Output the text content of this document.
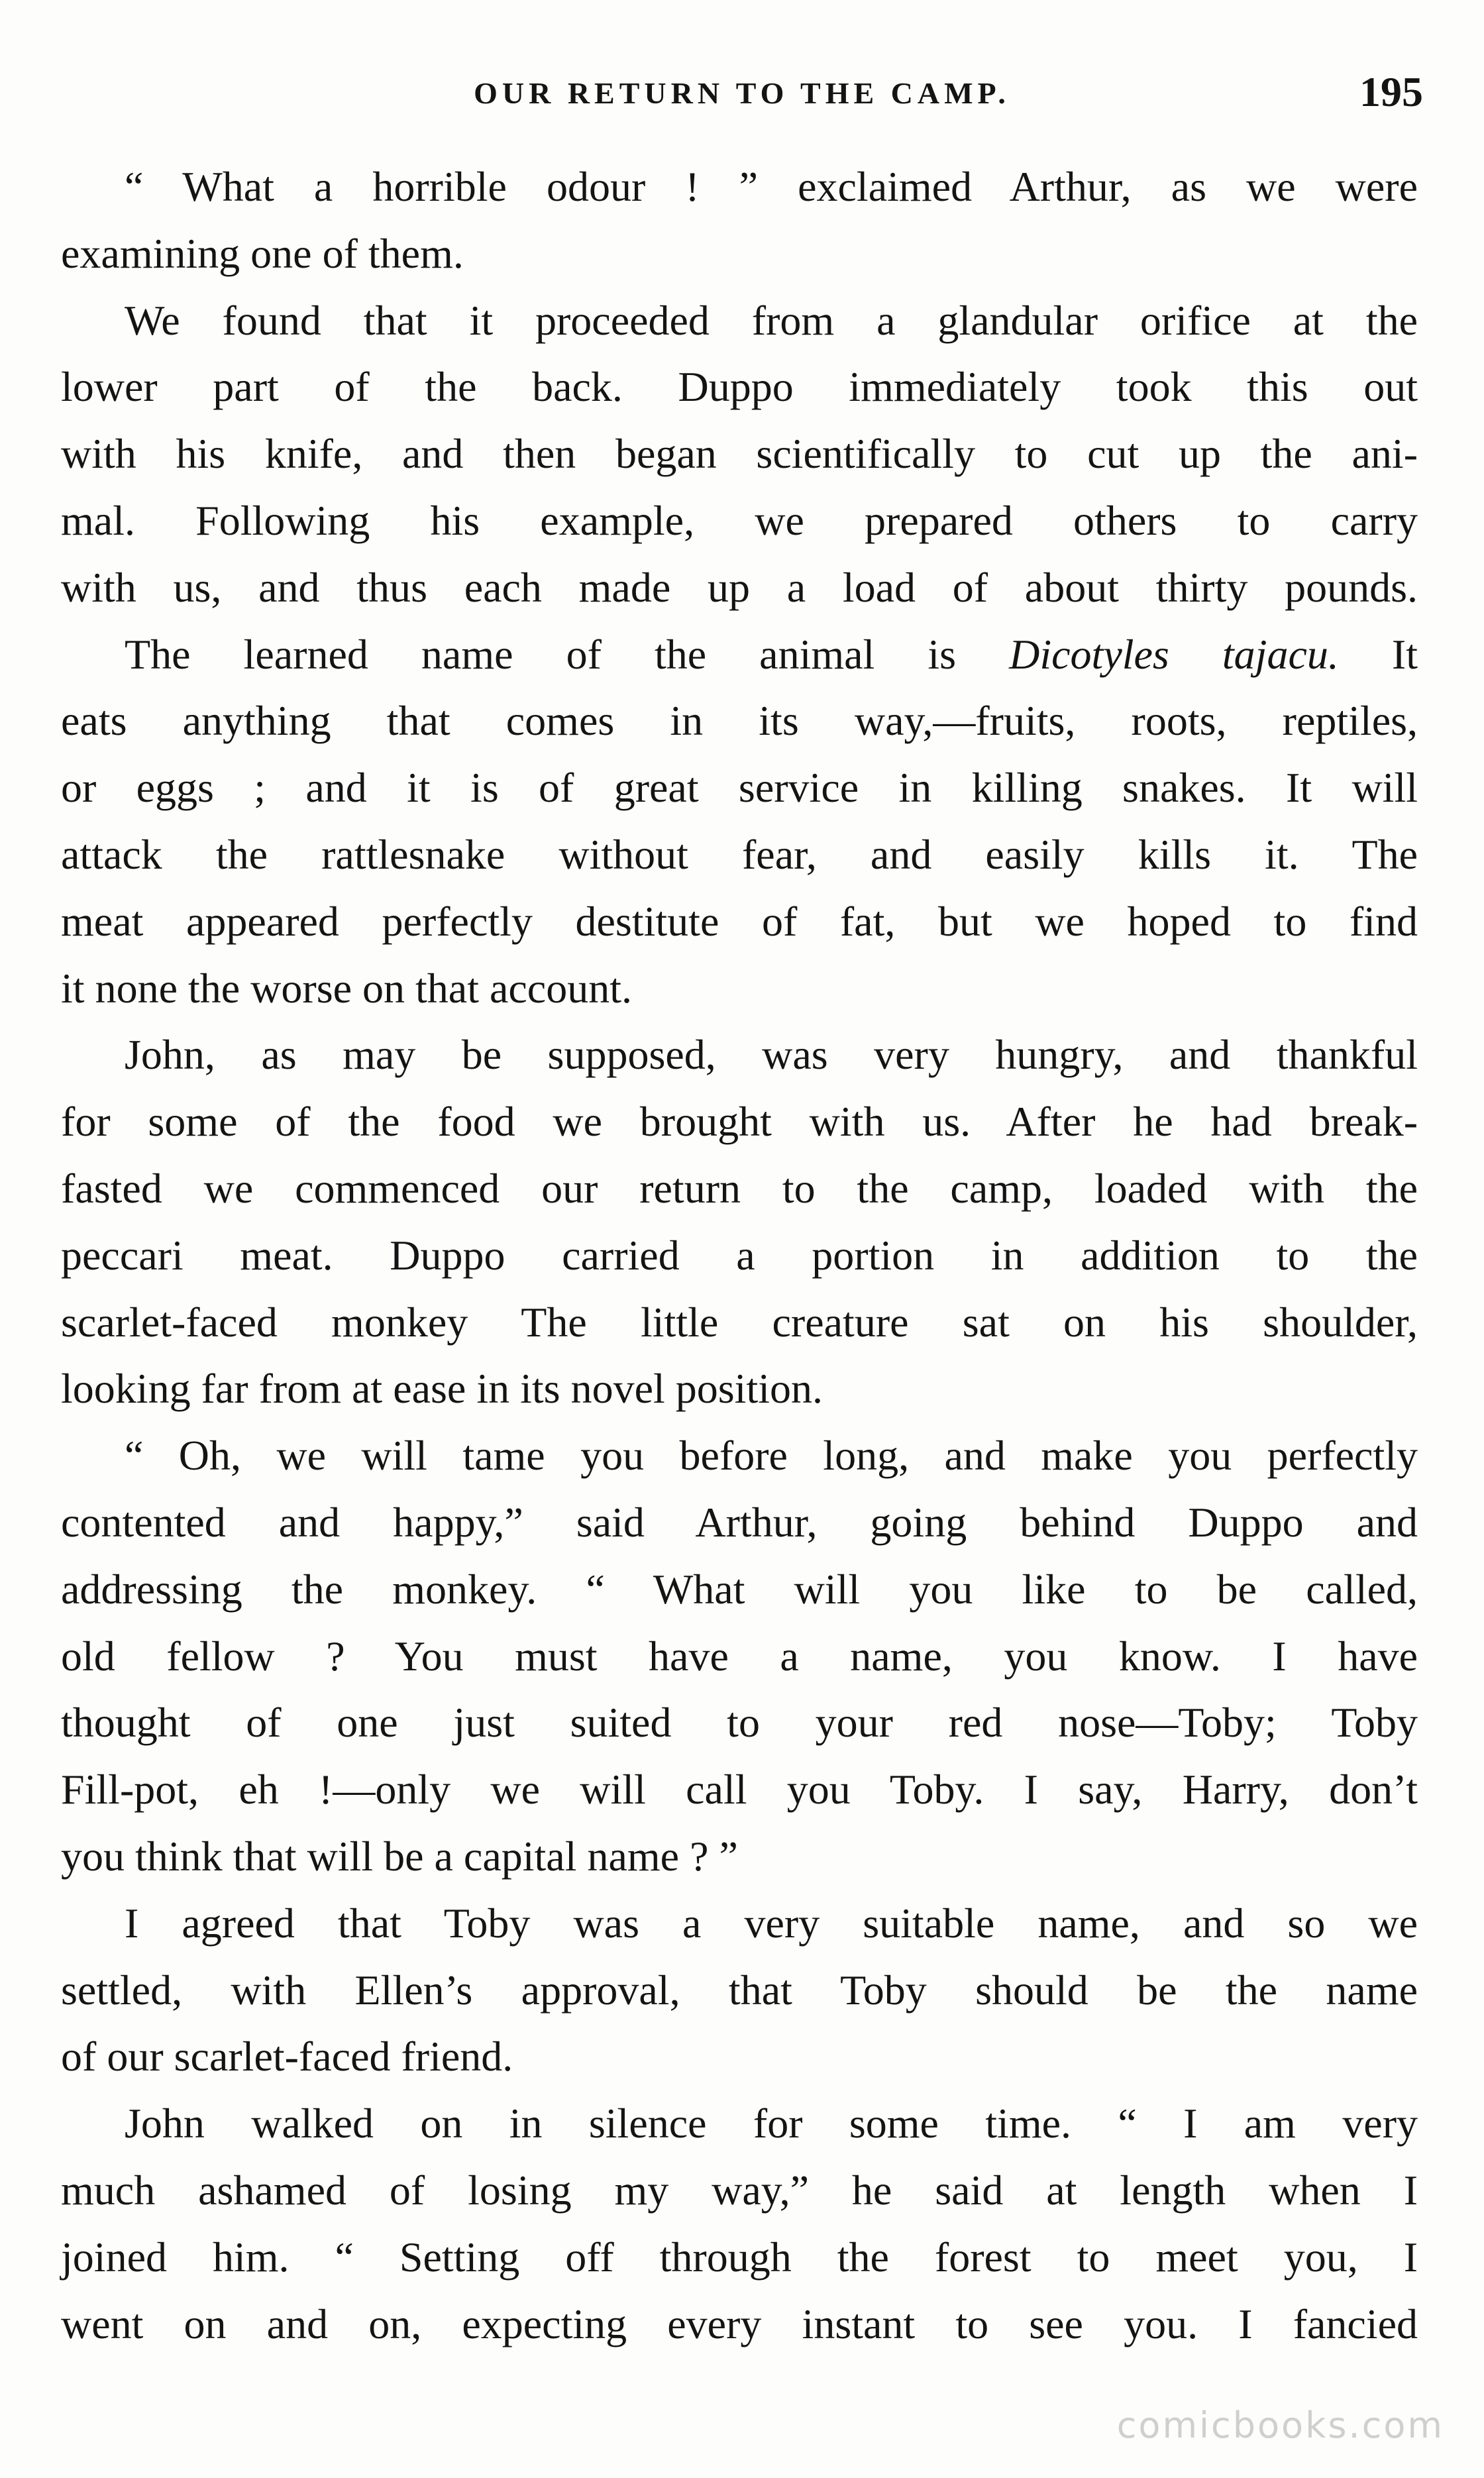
OUR RETURN TO THE CAMP.	195

“ What a horrible odour ! ” exclaimed Arthur, as we were
examining one of them.

We found that it proceeded from a glandular orifice at the
lower part of the back. Duppo immediately took this out
with his knife, and then began scientifically to cut up the ani-
mal. Following his example, we prepared others to carry
with us, and thus each made up a load of about thirty pounds.

The learned name of the animal is Dicotyles tajacu. It
eats anything that comes in its way,—fruits, roots, reptiles,
or eggs ; and it is of great service in killing snakes. It will
attack the rattlesnake without fear, and easily kills it. The
meat appeared perfectly destitute of fat, but we hoped to find
it none the worse on that account.

John, as may be supposed, was very hungry, and thankful
for some of the food we brought with us. After he had break-
fasted we commenced our return to the camp, loaded with the
peccari meat. Duppo carried a portion in addition to the
scarlet-faced monkey The little creature sat on his shoulder,
looking far from at ease in its novel position.

“ Oh, we will tame you before long, and make you perfectly
contented and happy,” said Arthur, going behind Duppo and
addressing the monkey. “ What will you like to be called,
old fellow ? You must have a name, you know. I have
thought of one just suited to your red nose—Toby; Toby
Fill-pot, eh !—only we will call you Toby. I say, Harry, don’t
you think that will be a capital name ? ”

I agreed that Toby was a very suitable name, and so we
settled, with Ellen’s approval, that Toby should be the name
of our scarlet-faced friend.

John walked on in silence for some time. “ I am very
much ashamed of losing my way,” he said at length when I
joined him. “ Setting off through the forest to meet you, I
went on and on, expecting every instant to see you. I fancied

comicbooks.com
